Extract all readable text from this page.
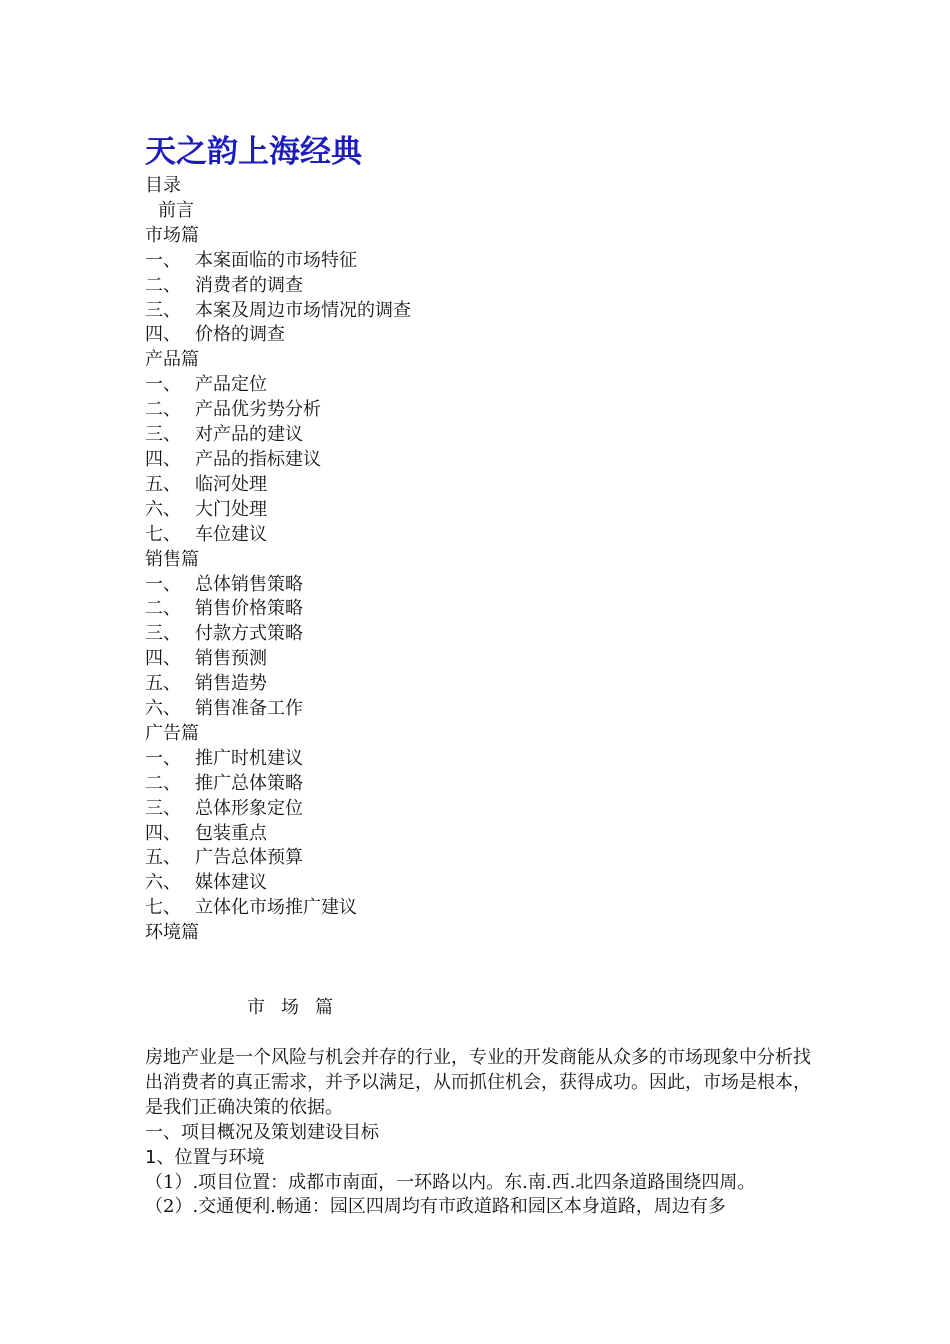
天之韵上海经典
目录
前言
市场篇
一、 本案面临的市场特征
二、 消费者的调查
三、 本案及周边市场情况的调查
四、 价格的调查
产品篇
一、 产品定位
二、 产品优劣势分析
三、 对产品的建议
四、 产品的指标建议
五、 临河处理
六、 大门处理
七、 车位建议
销售篇
一、 总体销售策略
二、 销售价格策略
三、 付款方式策略
四、 销售预测
五、 销售造势
六、 销售准备工作
广告篇
一、 推广时机建议
二、 推广总体策略
三、 总体形象定位
四、 包装重点
五、 广告总体预算
六、 媒体建议
七、 立体化市场推广建议
环境篇
市 场 篇

房地产业是一个风险与机会并存的行业，专业的开发商能从众多的市场现象中分析找出消费者的真正需求，并予以满足，从而抓住机会，获得成功。因此，市场是根本，是我们正确决策的依据。

一、项目概况及策划建设目标

1、位置与环境

（1）.项目位置：成都市南面，一环路以内。东.南.西.北四条道路围绕四周。

（2）.交通便利.畅通：园区四周均有市政道路和园区本身道路，周边有多
